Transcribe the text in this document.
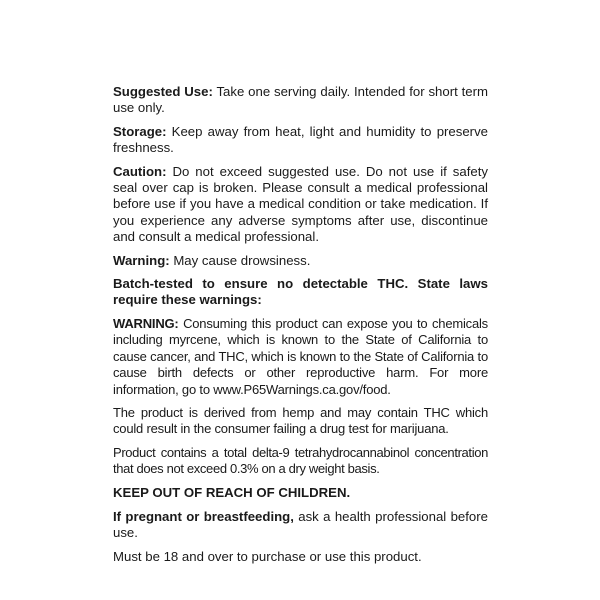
Suggested Use: Take one serving daily. Intended for short term use only.

Storage: Keep away from heat, light and humidity to preserve freshness.

Caution: Do not exceed suggested use. Do not use if safety seal over cap is broken. Please consult a medical professional before use if you have a medical condition or take medication. If you experience any adverse symptoms after use, discontinue and consult a medical professional.

Warning: May cause drowsiness.

Batch-tested to ensure no detectable THC. State laws require these warnings:

WARNING: Consuming this product can expose you to chemicals including myrcene, which is known to the State of California to cause cancer, and THC, which is known to the State of California to cause birth defects or other reproductive harm. For more information, go to www.P65Warnings.ca.gov/food.

The product is derived from hemp and may contain THC which could result in the consumer failing a drug test for marijuana.

Product contains a total delta-9 tetrahydrocannabinol concentration that does not exceed 0.3% on a dry weight basis.

KEEP OUT OF REACH OF CHILDREN.

If pregnant or breastfeeding, ask a health professional before use.

Must be 18 and over to purchase or use this product.
